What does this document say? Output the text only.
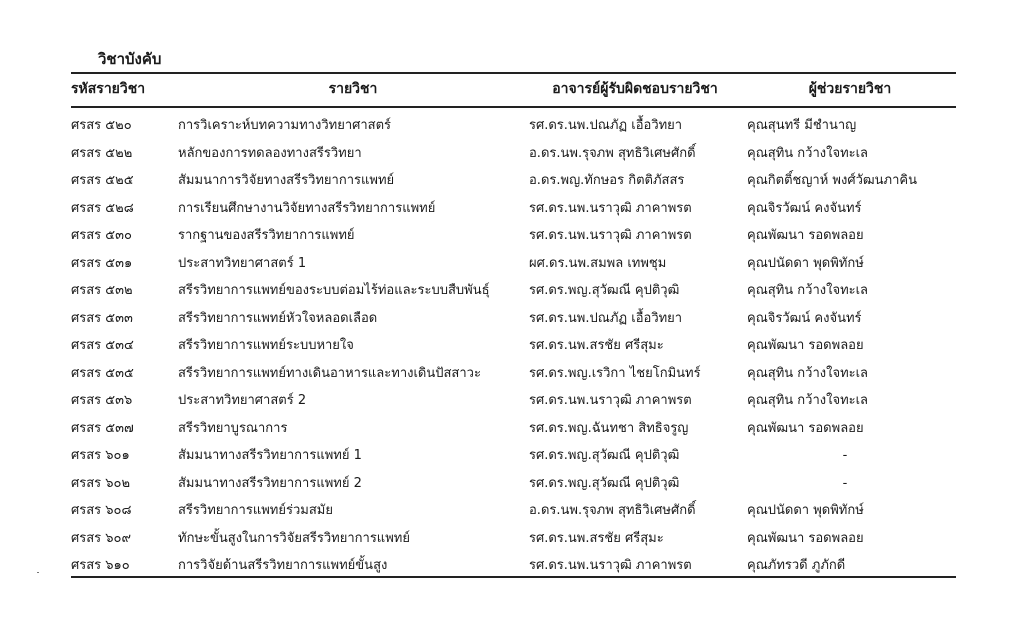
วิชาบังคับ
รหัสรายวิชา	รายวิชา	อาจารย์ผู้รับผิดชอบรายวิชา	ผู้ช่วยรายวิชา
ศรสร ๕๒๐	การวิเคราะห์บทความทางวิทยาศาสตร์	รศ.ดร.นพ.ปณภัฏ เอื้อวิทยา	คุณสุนทรี มีชำนาญ
ศรสร ๕๒๒	หลักของการทดลองทางสรีรวิทยา	อ.ดร.นพ.รุจภพ สุทธิวิเศษศักดิ์	คุณสุทิน กว้างใจทะเล
ศรสร ๕๒๕	สัมมนาการวิจัยทางสรีรวิทยาการแพทย์	อ.ดร.พญ.ทักษอร กิตติภัสสร	คุณกิตติ์ชญาห์ พงศ์วัฒนภาคิน
ศรสร ๕๒๘	การเรียนศึกษางานวิจัยทางสรีรวิทยาการแพทย์	รศ.ดร.นพ.นราวุฒิ ภาคาพรต	คุณจิรวัฒน์ คงจันทร์
ศรสร ๕๓๐	รากฐานของสรีรวิทยาการแพทย์	รศ.ดร.นพ.นราวุฒิ ภาคาพรต	คุณพัฒนา รอดพลอย
ศรสร ๕๓๑	ประสาทวิทยาศาสตร์ 1	ผศ.ดร.นพ.สมพล เทพชุม	คุณปนัดดา พุดพิทักษ์
ศรสร ๕๓๒	สรีรวิทยาการแพทย์ของระบบต่อมไร้ท่อและระบบสืบพันธุ์	รศ.ดร.พญ.สุวัฒณี คุปติวุฒิ	คุณสุทิน กว้างใจทะเล
ศรสร ๕๓๓	สรีรวิทยาการแพทย์หัวใจหลอดเลือด	รศ.ดร.นพ.ปณภัฏ เอื้อวิทยา	คุณจิรวัฒน์ คงจันทร์
ศรสร ๕๓๔	สรีรวิทยาการแพทย์ระบบหายใจ	รศ.ดร.นพ.สรชัย ศรีสุมะ	คุณพัฒนา รอดพลอย
ศรสร ๕๓๕	สรีรวิทยาการแพทย์ทางเดินอาหารและทางเดินปัสสาวะ	รศ.ดร.พญ.เรวิกา ไชยโกมินทร์	คุณสุทิน กว้างใจทะเล
ศรสร ๕๓๖	ประสาทวิทยาศาสตร์ 2	รศ.ดร.นพ.นราวุฒิ ภาคาพรต	คุณสุทิน กว้างใจทะเล
ศรสร ๕๓๗	สรีรวิทยาบูรณาการ	รศ.ดร.พญ.ฉันทชา สิทธิจรูญ	คุณพัฒนา รอดพลอย
ศรสร ๖๐๑	สัมมนาทางสรีรวิทยาการแพทย์ 1	รศ.ดร.พญ.สุวัฒณี คุปติวุฒิ	-
ศรสร ๖๐๒	สัมมนาทางสรีรวิทยาการแพทย์ 2	รศ.ดร.พญ.สุวัฒณี คุปติวุฒิ	-
ศรสร ๖๐๘	สรีรวิทยาการแพทย์ร่วมสมัย	อ.ดร.นพ.รุจภพ สุทธิวิเศษศักดิ์	คุณปนัดดา พุดพิทักษ์
ศรสร ๖๐๙	ทักษะขั้นสูงในการวิจัยสรีรวิทยาการแพทย์	รศ.ดร.นพ.สรชัย ศรีสุมะ	คุณพัฒนา รอดพลอย
ศรสร ๖๑๐	การวิจัยด้านสรีรวิทยาการแพทย์ขั้นสูง	รศ.ดร.นพ.นราวุฒิ ภาคาพรต	คุณภัทรวดี ภูภักดี
